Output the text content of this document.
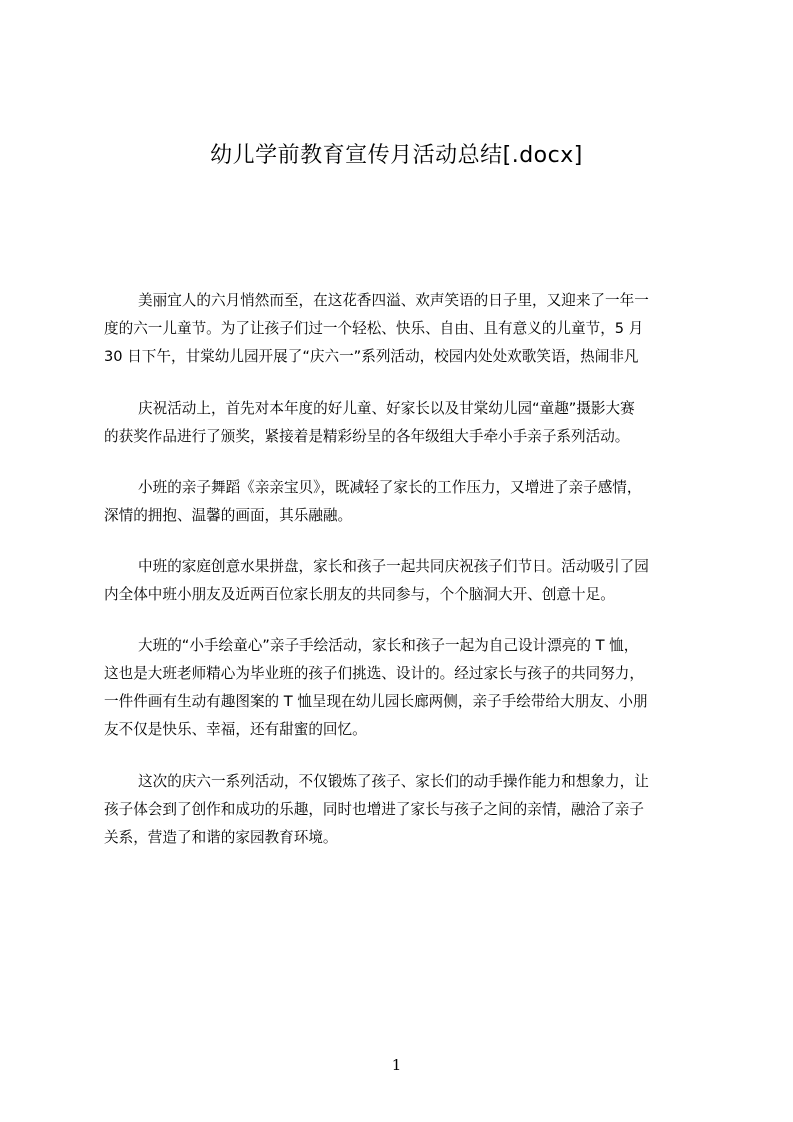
幼儿学前教育宣传月活动总结[.docx]
美丽宜人的六月悄然而至，在这花香四溢、欢声笑语的日子里，又迎来了一年一
度的六一儿童节。为了让孩子们过一个轻松、快乐、自由、且有意义的儿童节，5 月
30 日下午，甘棠幼儿园开展了“庆六一”系列活动，校园内处处欢歌笑语，热闹非凡
庆祝活动上，首先对本年度的好儿童、好家长以及甘棠幼儿园“童趣”摄影大赛
的获奖作品进行了颁奖，紧接着是精彩纷呈的各年级组大手牵小手亲子系列活动。
小班的亲子舞蹈《亲亲宝贝》，既减轻了家长的工作压力，又增进了亲子感情，
深情的拥抱、温馨的画面，其乐融融。
中班的家庭创意水果拼盘，家长和孩子一起共同庆祝孩子们节日。活动吸引了园
内全体中班小朋友及近两百位家长朋友的共同参与，个个脑洞大开、创意十足。
大班的“小手绘童心”亲子手绘活动，家长和孩子一起为自己设计漂亮的 T 恤，
这也是大班老师精心为毕业班的孩子们挑选、设计的。经过家长与孩子的共同努力，
一件件画有生动有趣图案的 T 恤呈现在幼儿园长廊两侧，亲子手绘带给大朋友、小朋
友不仅是快乐、幸福，还有甜蜜的回忆。
这次的庆六一系列活动，不仅锻炼了孩子、家长们的动手操作能力和想象力，让
孩子体会到了创作和成功的乐趣，同时也增进了家长与孩子之间的亲情，融洽了亲子
关系，营造了和谐的家园教育环境。
1
